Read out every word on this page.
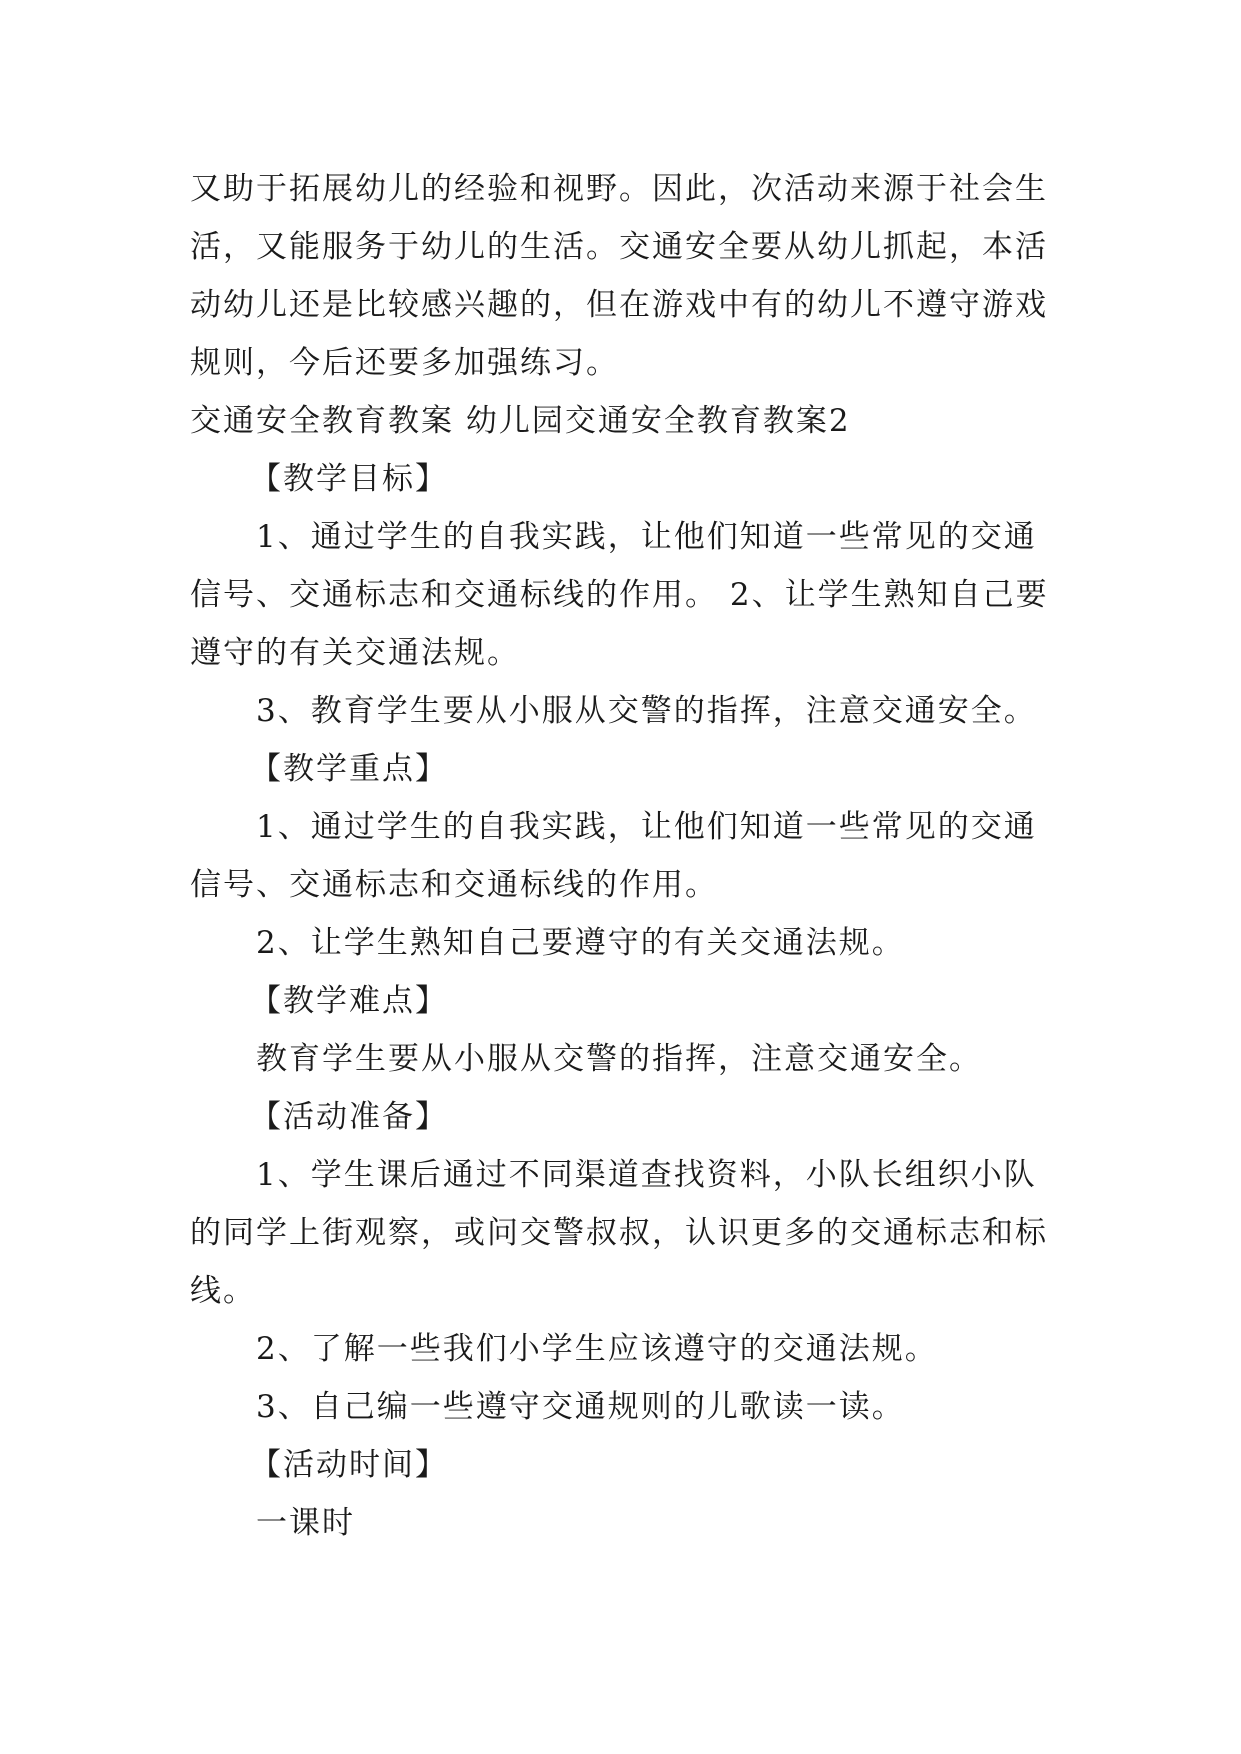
又助于拓展幼儿的经验和视野。因此，次活动来源于社会生
活，又能服务于幼儿的生活。交通安全要从幼儿抓起，本活
动幼儿还是比较感兴趣的，但在游戏中有的幼儿不遵守游戏
规则，今后还要多加强练习。
交通安全教育教案 幼儿园交通安全教育教案2
【教学目标】
1、通过学生的自我实践，让他们知道一些常见的交通
信号、交通标志和交通标线的作用。 2、让学生熟知自己要
遵守的有关交通法规。
3、教育学生要从小服从交警的指挥，注意交通安全。
【教学重点】
1、通过学生的自我实践，让他们知道一些常见的交通
信号、交通标志和交通标线的作用。
2、让学生熟知自己要遵守的有关交通法规。
【教学难点】
教育学生要从小服从交警的指挥，注意交通安全。
【活动准备】
1、学生课后通过不同渠道查找资料，小队长组织小队
的同学上街观察，或问交警叔叔，认识更多的交通标志和标
线。
2、了解一些我们小学生应该遵守的交通法规。
3、自己编一些遵守交通规则的儿歌读一读。
【活动时间】
一课时
